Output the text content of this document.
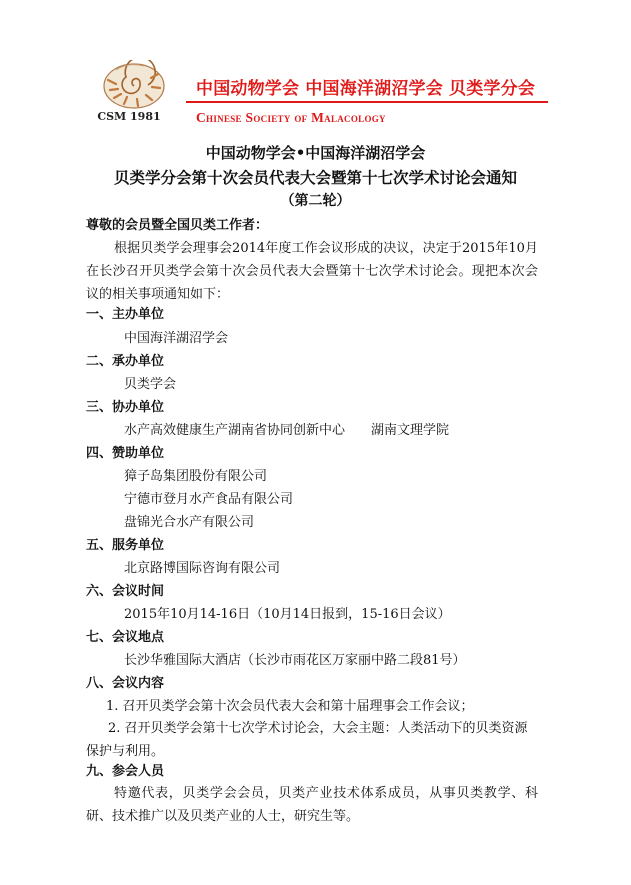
CSM 1981
中国动物学会 中国海洋湖沼学会 贝类学分会
Chinese Society of Malacology
中国动物学会•中国海洋湖沼学会
贝类学分会第十次会员代表大会暨第十七次学术讨论会通知
（第二轮）
尊敬的会员暨全国贝类工作者：
根据贝类学会理事会2014年度工作会议形成的决议，决定于2015年10月在长沙召开贝类学会第十次会员代表大会暨第十七次学术讨论会。现把本次会议的相关事项通知如下：
一、主办单位
中国海洋湖沼学会
二、承办单位
贝类学会
三、协办单位
水产高效健康生产湖南省协同创新中心　　湖南文理学院
四、赞助单位
獐子岛集团股份有限公司
宁德市登月水产食品有限公司
盘锦光合水产有限公司
五、服务单位
北京路博国际咨询有限公司
六、会议时间
2015年10月14-16日（10月14日报到，15-16日会议）
七、会议地点
长沙华雅国际大酒店（长沙市雨花区万家丽中路二段81号）
八、会议内容
1. 召开贝类学会第十次会员代表大会和第十届理事会工作会议；
2. 召开贝类学会第十七次学术讨论会，大会主题：人类活动下的贝类资源保护与利用。
九、参会人员
特邀代表，贝类学会会员，贝类产业技术体系成员，从事贝类教学、科研、技术推广以及贝类产业的人士，研究生等。
